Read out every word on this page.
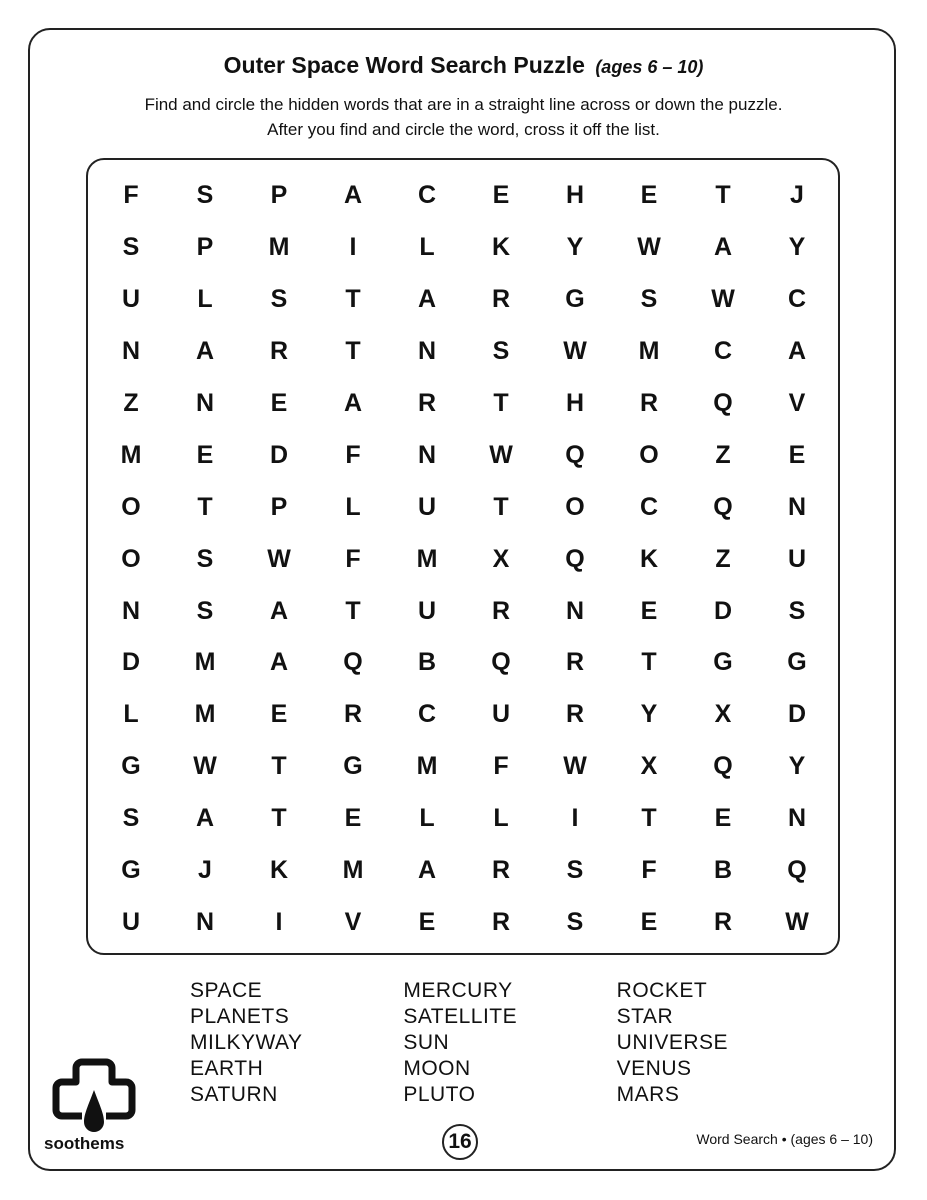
Outer Space Word Search Puzzle (ages 6 – 10)
Find and circle the hidden words that are in a straight line across or down the puzzle.
After you find and circle the word, cross it off the list.
F	S	P	A	C	E	H	E	T	J
S	P	M	I	L	K	Y	W	A	Y
U	L	S	T	A	R	G	S	W	C
N	A	R	T	N	S	W	M	C	A
Z	N	E	A	R	T	H	R	Q	V
M	E	D	F	N	W	Q	O	Z	E
O	T	P	L	U	T	O	C	Q	N
O	S	W	F	M	X	Q	K	Z	U
N	S	A	T	U	R	N	E	D	S
D	M	A	Q	B	Q	R	T	G	G
L	M	E	R	C	U	R	Y	X	D
G	W	T	G	M	F	W	X	Q	Y
S	A	T	E	L	L	I	T	E	N
G	J	K	M	A	R	S	F	B	Q
U	N	I	V	E	R	S	E	R	W
SPACE
PLANETS
MILKYWAY
EARTH
SATURN
MERCURY
SATELLITE
SUN
MOON
PLUTO
ROCKET
STAR
UNIVERSE
VENUS
MARS
soothems	16	Word Search • (ages 6 – 10)
